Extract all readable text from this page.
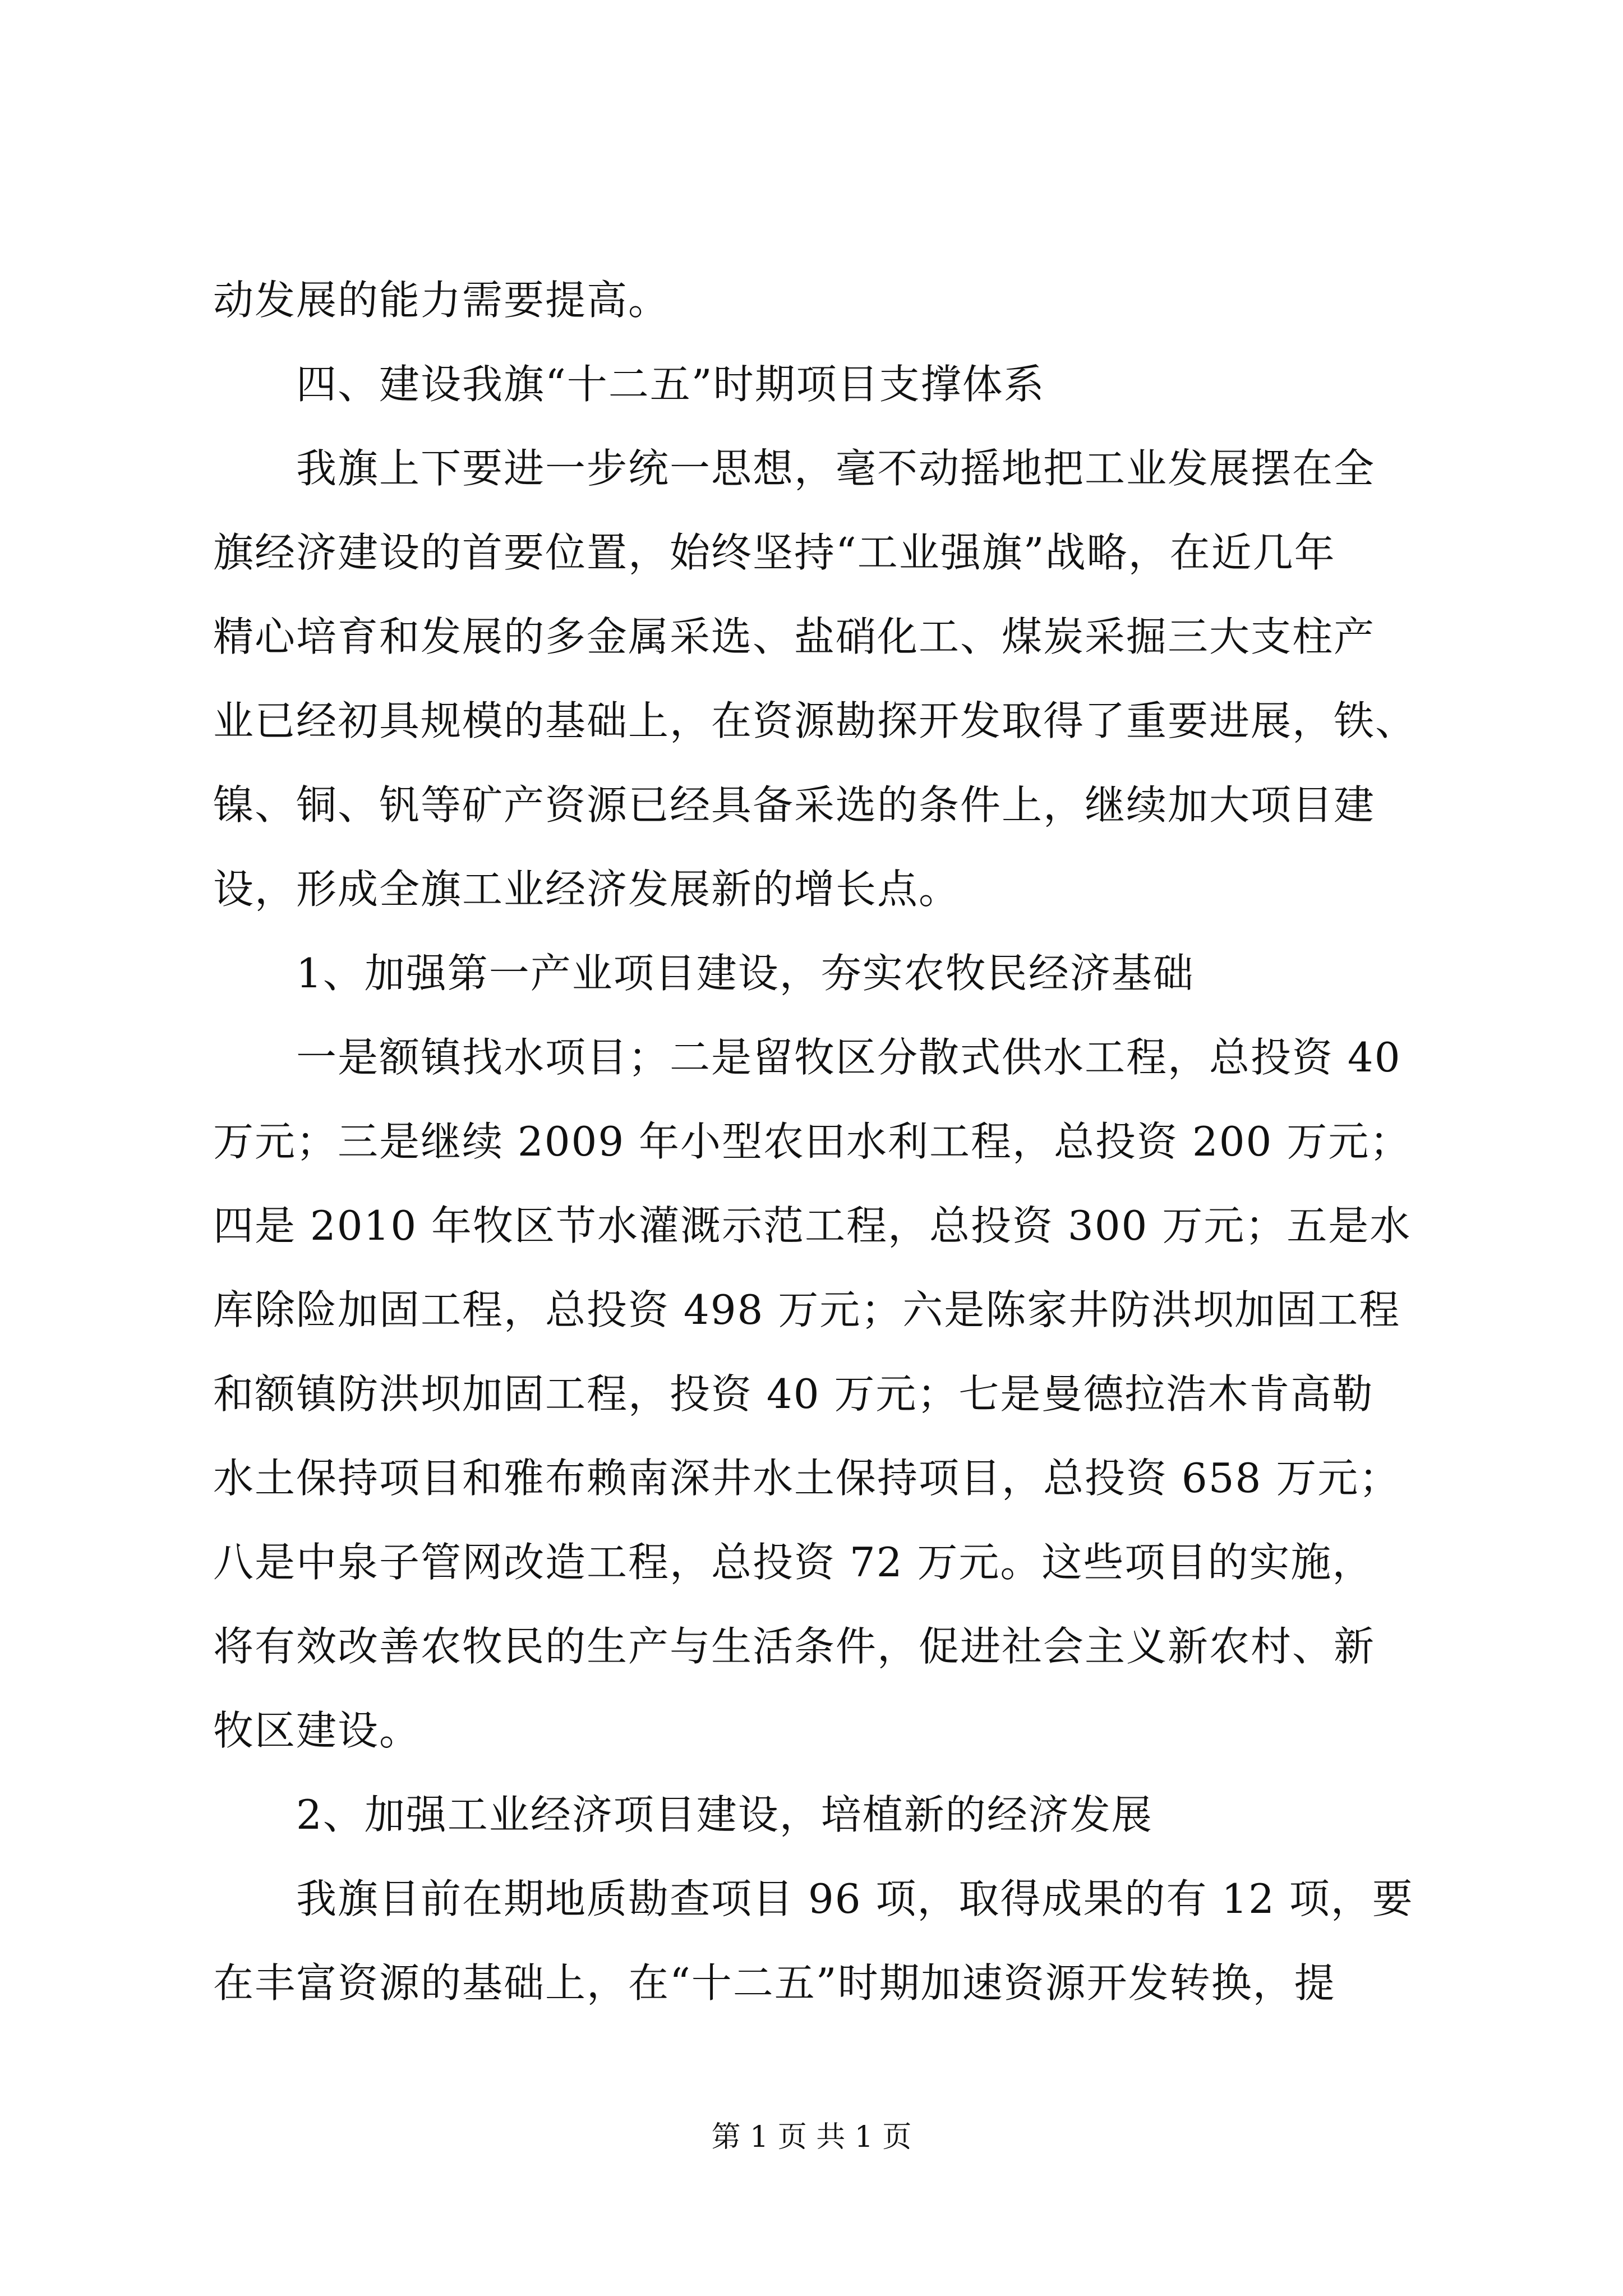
动发展的能力需要提高。
　　四、建设我旗“十二五”时期项目支撑体系
　　我旗上下要进一步统一思想，毫不动摇地把工业发展摆在全
旗经济建设的首要位置，始终坚持“工业强旗”战略，在近几年
精心培育和发展的多金属采选、盐硝化工、煤炭采掘三大支柱产
业已经初具规模的基础上，在资源勘探开发取得了重要进展，铁、
镍、铜、钒等矿产资源已经具备采选的条件上，继续加大项目建
设，形成全旗工业经济发展新的增长点。
　　1、加强第一产业项目建设，夯实农牧民经济基础
　　一是额镇找水项目；二是留牧区分散式供水工程，总投资 40
万元；三是继续 2009 年小型农田水利工程，总投资 200 万元；
四是 2010 年牧区节水灌溉示范工程，总投资 300 万元；五是水
库除险加固工程，总投资 498 万元；六是陈家井防洪坝加固工程
和额镇防洪坝加固工程，投资 40 万元；七是曼德拉浩木肯高勒
水土保持项目和雅布赖南深井水土保持项目，总投资 658 万元；
八是中泉子管网改造工程，总投资 72 万元。这些项目的实施，
将有效改善农牧民的生产与生活条件，促进社会主义新农村、新
牧区建设。
　　2、加强工业经济项目建设，培植新的经济发展
　　我旗目前在期地质勘查项目 96 项，取得成果的有 12 项，要
在丰富资源的基础上，在“十二五”时期加速资源开发转换，提
第 1 页 共 1 页
